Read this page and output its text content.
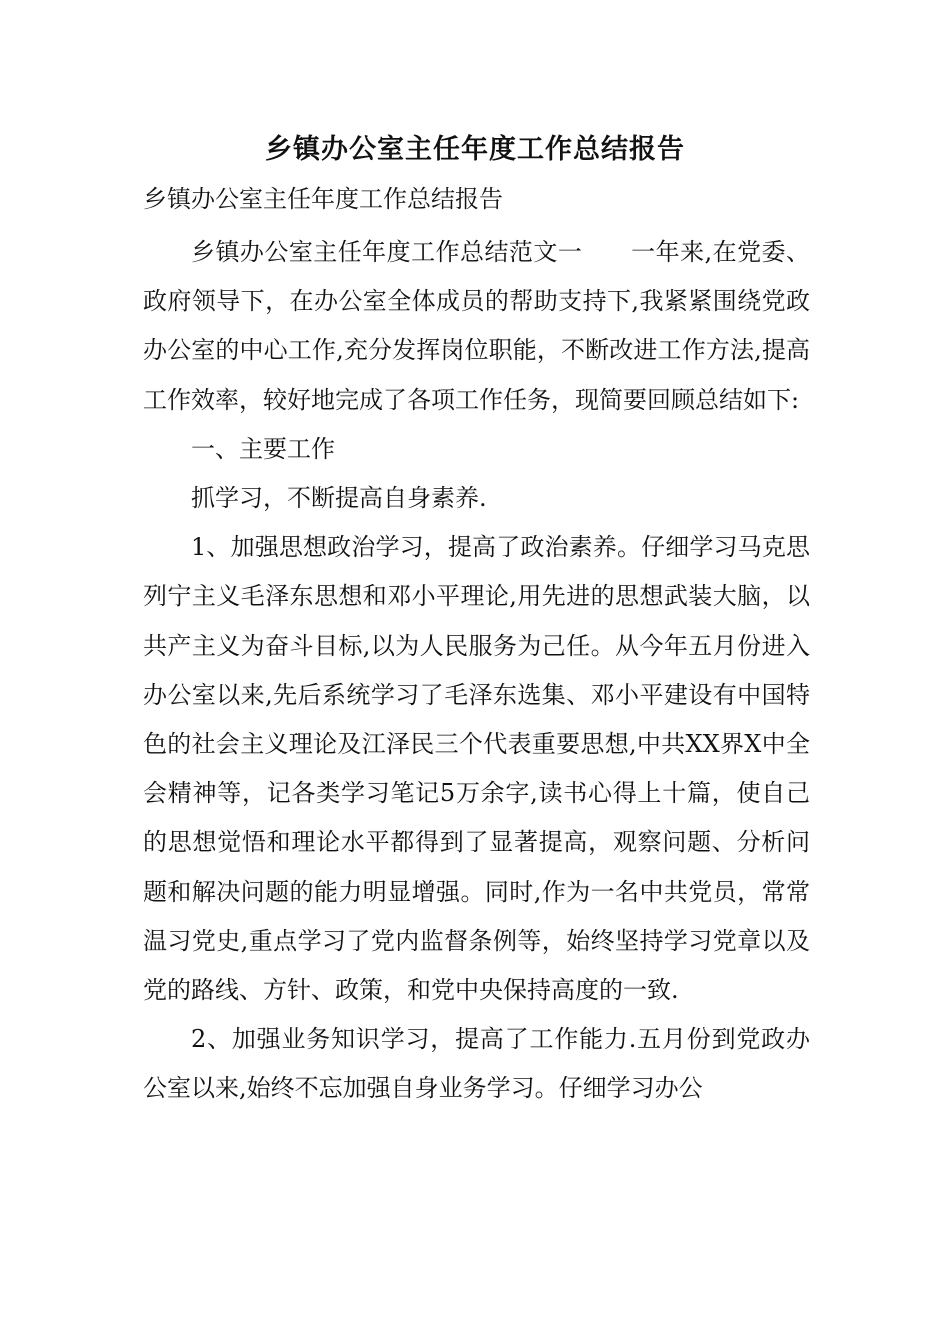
乡镇办公室主任年度工作总结报告
乡镇办公室主任年度工作总结报告

乡镇办公室主任年度工作总结范文一　　一年来,在党委、政府领导下，在办公室全体成员的帮助支持下,我紧紧围绕党政办公室的中心工作,充分发挥岗位职能，不断改进工作方法,提高工作效率，较好地完成了各项工作任务，现简要回顾总结如下:

一、主要工作

抓学习，不断提高自身素养.

1、加强思想政治学习，提高了政治素养。仔细学习马克思列宁主义毛泽东思想和邓小平理论,用先进的思想武装大脑，以共产主义为奋斗目标,以为人民服务为己任。从今年五月份进入办公室以来,先后系统学习了毛泽东选集、邓小平建设有中国特色的社会主义理论及江泽民三个代表重要思想,中共XX界X中全会精神等，记各类学习笔记5万余字,读书心得上十篇，使自己的思想觉悟和理论水平都得到了显著提高，观察问题、分析问题和解决问题的能力明显增强。同时,作为一名中共党员，常常温习党史,重点学习了党内监督条例等，始终坚持学习党章以及党的路线、方针、政策，和党中央保持高度的一致.

2、加强业务知识学习，提高了工作能力.五月份到党政办公室以来,始终不忘加强自身业务学习。仔细学习办公
